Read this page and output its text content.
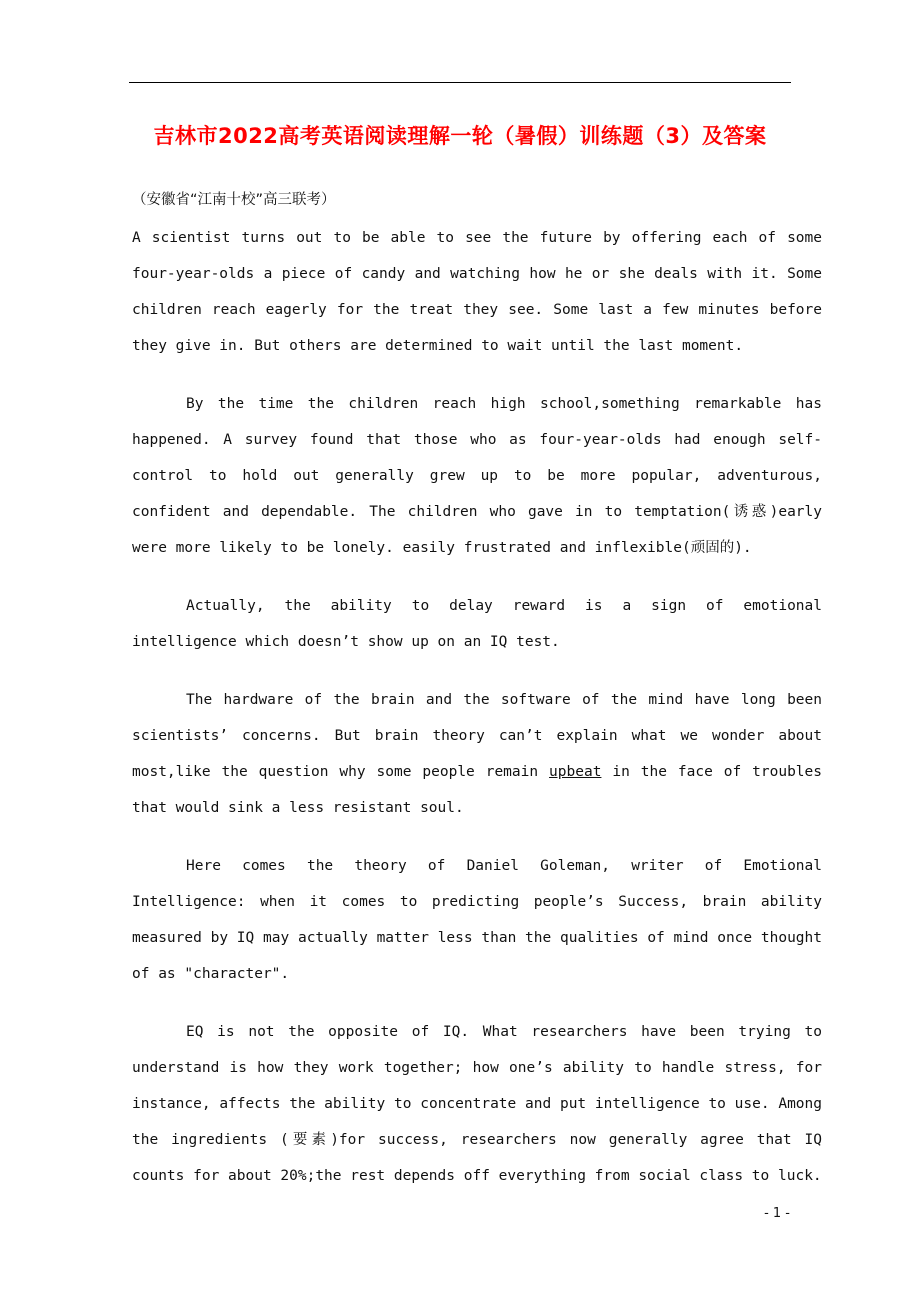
吉林市2022高考英语阅读理解一轮（暑假）训练题（3）及答案
（安徽省“江南十校”高三联考）

A scientist turns out to be able to see the future by offering each of some four-year-olds a piece of candy and watching how he or she deals with it. Some children reach eagerly for the treat they see. Some last a few minutes before they give in. But others are determined to wait until the last moment.

By the time the children reach high school,something remarkable has happened. A survey found that those who as four-year-olds had enough self-control to hold out generally grew up to be more popular, adventurous, confident and dependable. The children who gave in to temptation(诱惑)early were more likely to be lonely. easily frustrated and inflexible(顽固的).

Actually, the ability to delay reward is a sign of emotional intelligence which doesn’t show up on an IQ test.

The hardware of the brain and the software of the mind have long been scientists’ concerns. But brain theory can’t explain what we wonder about most,like the question why some people remain upbeat in the face of troubles that would sink a less resistant soul.

Here comes the theory of Daniel Goleman, writer of Emotional Intelligence: when it comes to predicting people’s Success, brain ability measured by IQ may actually matter less than the qualities of mind once thought of as "character".

EQ is not the opposite of IQ. What researchers have been trying to understand is how they work together; how one’s ability to handle stress, for instance, affects the ability to concentrate and put intelligence to use. Among the ingredients (要素)for success, researchers now generally agree that IQ counts for about 20%;the rest depends off everything from social class to luck.

- 1 -
